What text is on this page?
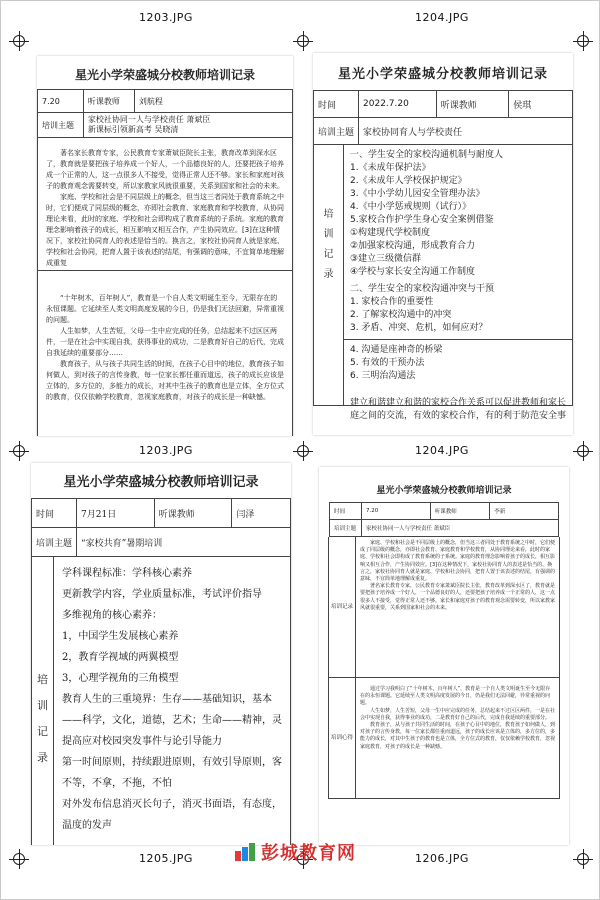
1203.JPG	1204.JPG
1203.JPG	1204.JPG
1205.JPG	1206.JPG
星光小学荣盛城分校教师培训记录
7.20	听课教师	刘航程
培训主题	家校社协同一人与学校责任 萧斌臣
新课标引领新高考 吴晓清	

著名家长教育专家，公民教育专家萧斌臣院长主张，教育改革到深水区了，教育就是要把孩子培养成一个好人，一个品德良好的人，还要把孩子培养成一个正常的人，这一点很多人不接受，觉得正常人还不够。家长和家庭对孩子的教育观念需要转变，所以家教家风就很重要，关系到国家和社会的未来。

家庭、学校和社会是不同层级上的概念，但当这三者同处于教育系统之中时，它们便成了同层级的概念，亦即社会教育、家庭教育和学校教育，从协同理论来看，此时的家庭、学校和社会即构成了教育系统的子系统。家庭的教育理念影响着孩子的成长，相互影响又相互合作，产生协同效应。[3]在这种情况下，家校社协同育人的表述是恰当的。换言之，家校社协同育人就是家庭、学校和社会协同，把育人置于该表述的结尾，有强调的意味，不宜简单地理解成重复

“十年树木，百年树人”，教育是一个自人类文明诞生至今，无限存在的永恒课题。它延续至人类文明高度发展的今日，仍是我们无法回避，异常重视的问题。

人生如梦，人生苦短，父母一生中应完成的任务，总结起来不过区区两件，一是在社会中实现自我，获得事业的成功，二是教育好自己的后代，完成自我延续的重要部分……

教育孩子，从与孩子共同生活的时间，在孩子心目中的地位，教育孩子如何做人，到对孩子的言传身教，每一位家长都任重而道远，孩子的成长应该是立体的，多方位的，多能力的成长，对其中生孩子的教育也是立体，全方位式的教育，仅仅依赖学校教育，忽视家庭教育，对孩子的成长是一种缺憾。

星光小学荣盛城分校教师培训记录
时间	2022.7.20	听课教师	侯琪
培训主题	家校协同育人与学校责任		
培
训
记
录
一、学生安全的家校沟通机制与耐度人
1.《未成年保护法》
2.《未成年人学校保护规定》
3.《中小学幼儿园安全管理办法》
4.《中小学惩戒规则（试行）》
5.家校合作护学生身心安全案例借鉴
①构建现代学校制度
②加强家校沟通，形成教育合力
③建立三级微信群
④学校与家长安全沟通工作制度
二、学生安全的家校沟通冲突与干预
1. 家校合作的重要性
2. 了解家校沟通中的冲突
3. 矛盾、冲突、危机，如何应对？
4. 沟通是座神奇的桥梁
5. 有效的干预办法
6. 三明治沟通法
建立和谐建立和谐的家校合作关系可以促进教师和家长
庭之间的交流，有效的家校合作，有的利于防范安全事
星光小学荣盛城分校教师培训记录
时间	7月21日	听课教师	闫泽
培训主题	“家校共育”暑期培训		
培
训
记
录
学科课程标准：学科核心素养
更新教学内容，学业质量标准，考试评价指导
多维视角的核心素养：
1，中国学生发展核心素养
2，教育学视域的两翼模型
3，心理学视角的三角模型
教育人生的三重境界：生存——基础知识，基本
——科学，文化，道德，艺术；生命——精神，灵
提高应对校园突发事件与论引导能力
第一时间原则，持续跟进原则，有效引导原则，客
不等，不拿，不拖，不怕
对外发布信息消灭长句子，消灭书面语，有态度，
温度的发声
星光小学荣盛城分校教师培训记录
时间	7.20	听课教师	李新
培训主题	家校社协同一人与学校责任 萧斌臣		
培训记录

家庭、学校和社会是不同层级上的概念，但当这三者同处于教育系统之中时，它们便成了同层级的概念，亦即社会教育、家庭教育和学校教育，从协同理论来看，此时的家庭、学校和社会即构成了教育系统的子系统。家庭的教育理念影响着孩子的成长，相互影响又相互合作，产生协同效应。[3]在这种情况下，家校社协同育人的表述是恰当的。换言之，家校社协同育人就是家庭、学校和社会协同，把育人置于该表述的结尾，有强调的意味，不宜简单地理解成重复。

著名家长教育专家，公民教育专家萧斌臣院长主张，教育改革到深水区了，教育就是要把孩子培养成一个好人，一个品德良好的人，还要把孩子培养成一个正常的人，这一点很多人不接受，觉得正常人还不够。家长和家庭对孩子的教育观念需要转变，所以家教家风就很重要，关系到国家和社会的未来。

培训心得

通过学习我明白了“十年树木，百年树人”，教育是一个自人类文明诞生至今无限存在的永恒课题。它延续至人类文明高度发展的今日，仍是我们无法回避，异常重视的问题。

人生如梦，人生苦短，父母一生中应完成的任务，总结起来不过区区两件，一是在社会中实现自我，获得事业的成功，二是教育好自己的后代，完成自我延续的重要部分。

教育孩子，从与孩子共同生活的时间，在孩子心目中的地位，教育孩子如何做人，到对孩子的言传身教，每一位家长都任重而道远，孩子的成长应该是立体的，多方位的，多能力的成长，对其中生孩子的教育也是立体，全方位式的教育，仅仅依赖学校教育，忽视家庭教育，对孩子的成长是一种缺憾。

彭城教育网
